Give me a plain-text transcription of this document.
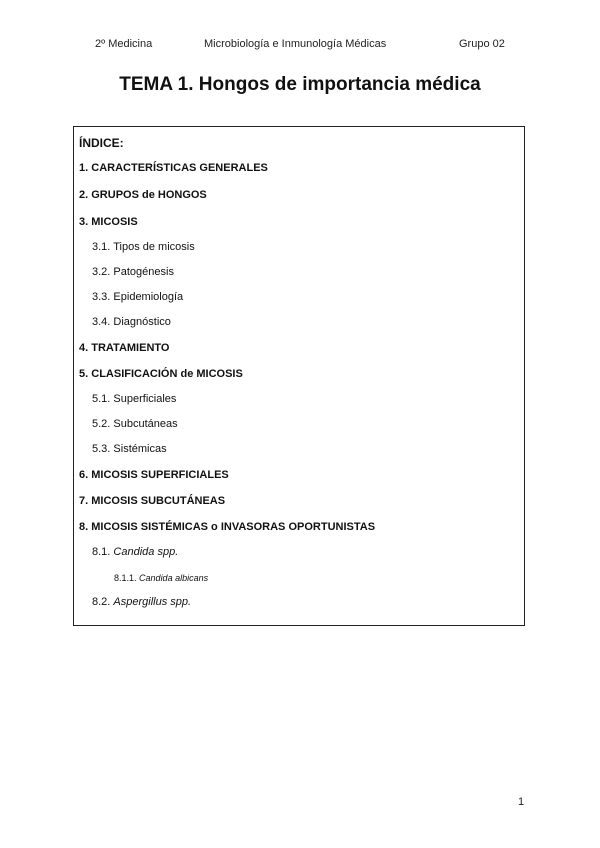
2º Medicina	Microbiología e Inmunología Médicas	Grupo 02
TEMA 1. Hongos de importancia médica
ÍNDICE:
1. CARACTERÍSTICAS GENERALES
2. GRUPOS de HONGOS
3. MICOSIS
3.1. Tipos de micosis
3.2. Patogénesis
3.3. Epidemiología
3.4. Diagnóstico
4. TRATAMIENTO
5. CLASIFICACIÓN de MICOSIS
5.1. Superficiales
5.2. Subcutáneas
5.3. Sistémicas
6. MICOSIS SUPERFICIALES
7. MICOSIS SUBCUTÁNEAS
8. MICOSIS SISTÉMICAS o INVASORAS OPORTUNISTAS
8.1. Candida spp.
8.1.1. Candida albicans
8.2. Aspergillus spp.
1
